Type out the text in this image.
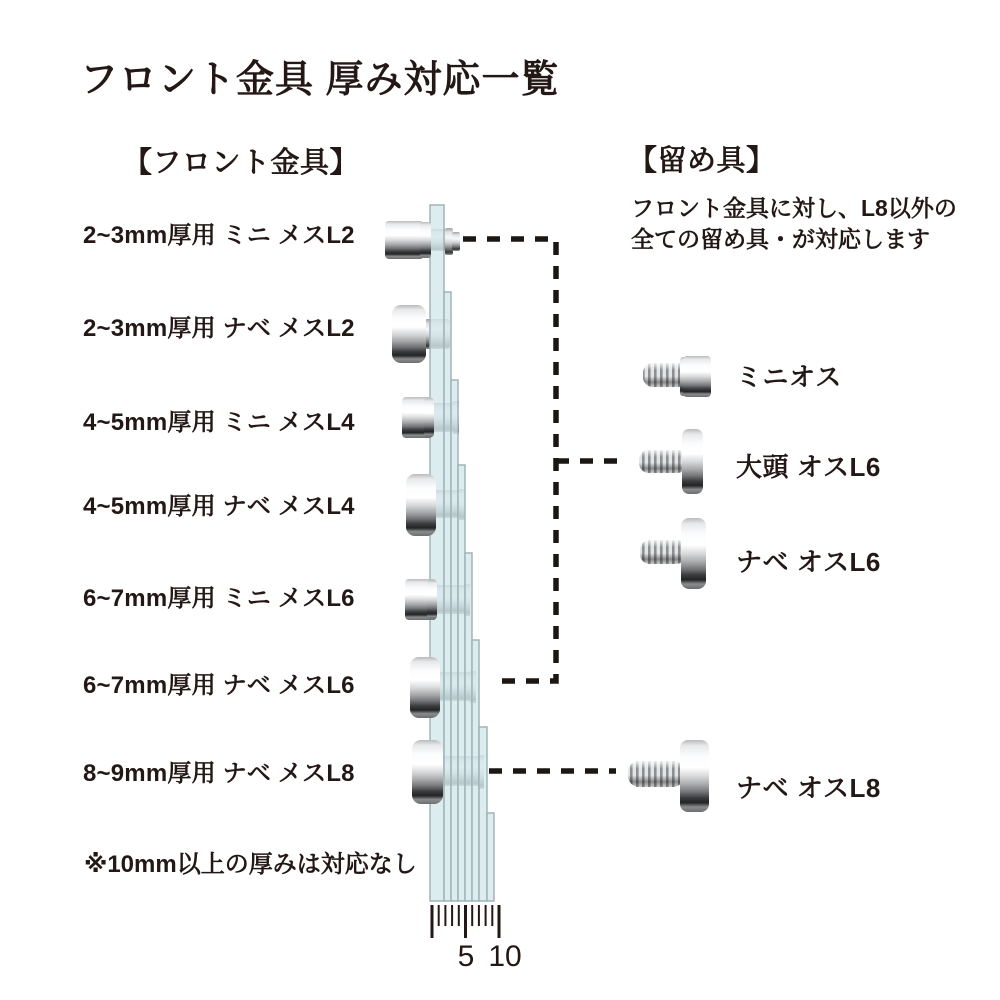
フロント金具 厚み対応一覧
【フロント金具】	【留め具】
フロント金具に対し、L8以外の
全ての留め具・が対応します
2~3mm厚用 ミニ メスL2
2~3mm厚用 ナベ メスL2
4~5mm厚用 ミニ メスL4
4~5mm厚用 ナベ メスL4
6~7mm厚用 ミニ メスL6
6~7mm厚用 ナベ メスL6
8~9mm厚用 ナベ メスL8
※10mm以上の厚みは対応なし
ミニオス
大頭 オスL6
ナベ オスL6
ナベ オスL8
5 10
